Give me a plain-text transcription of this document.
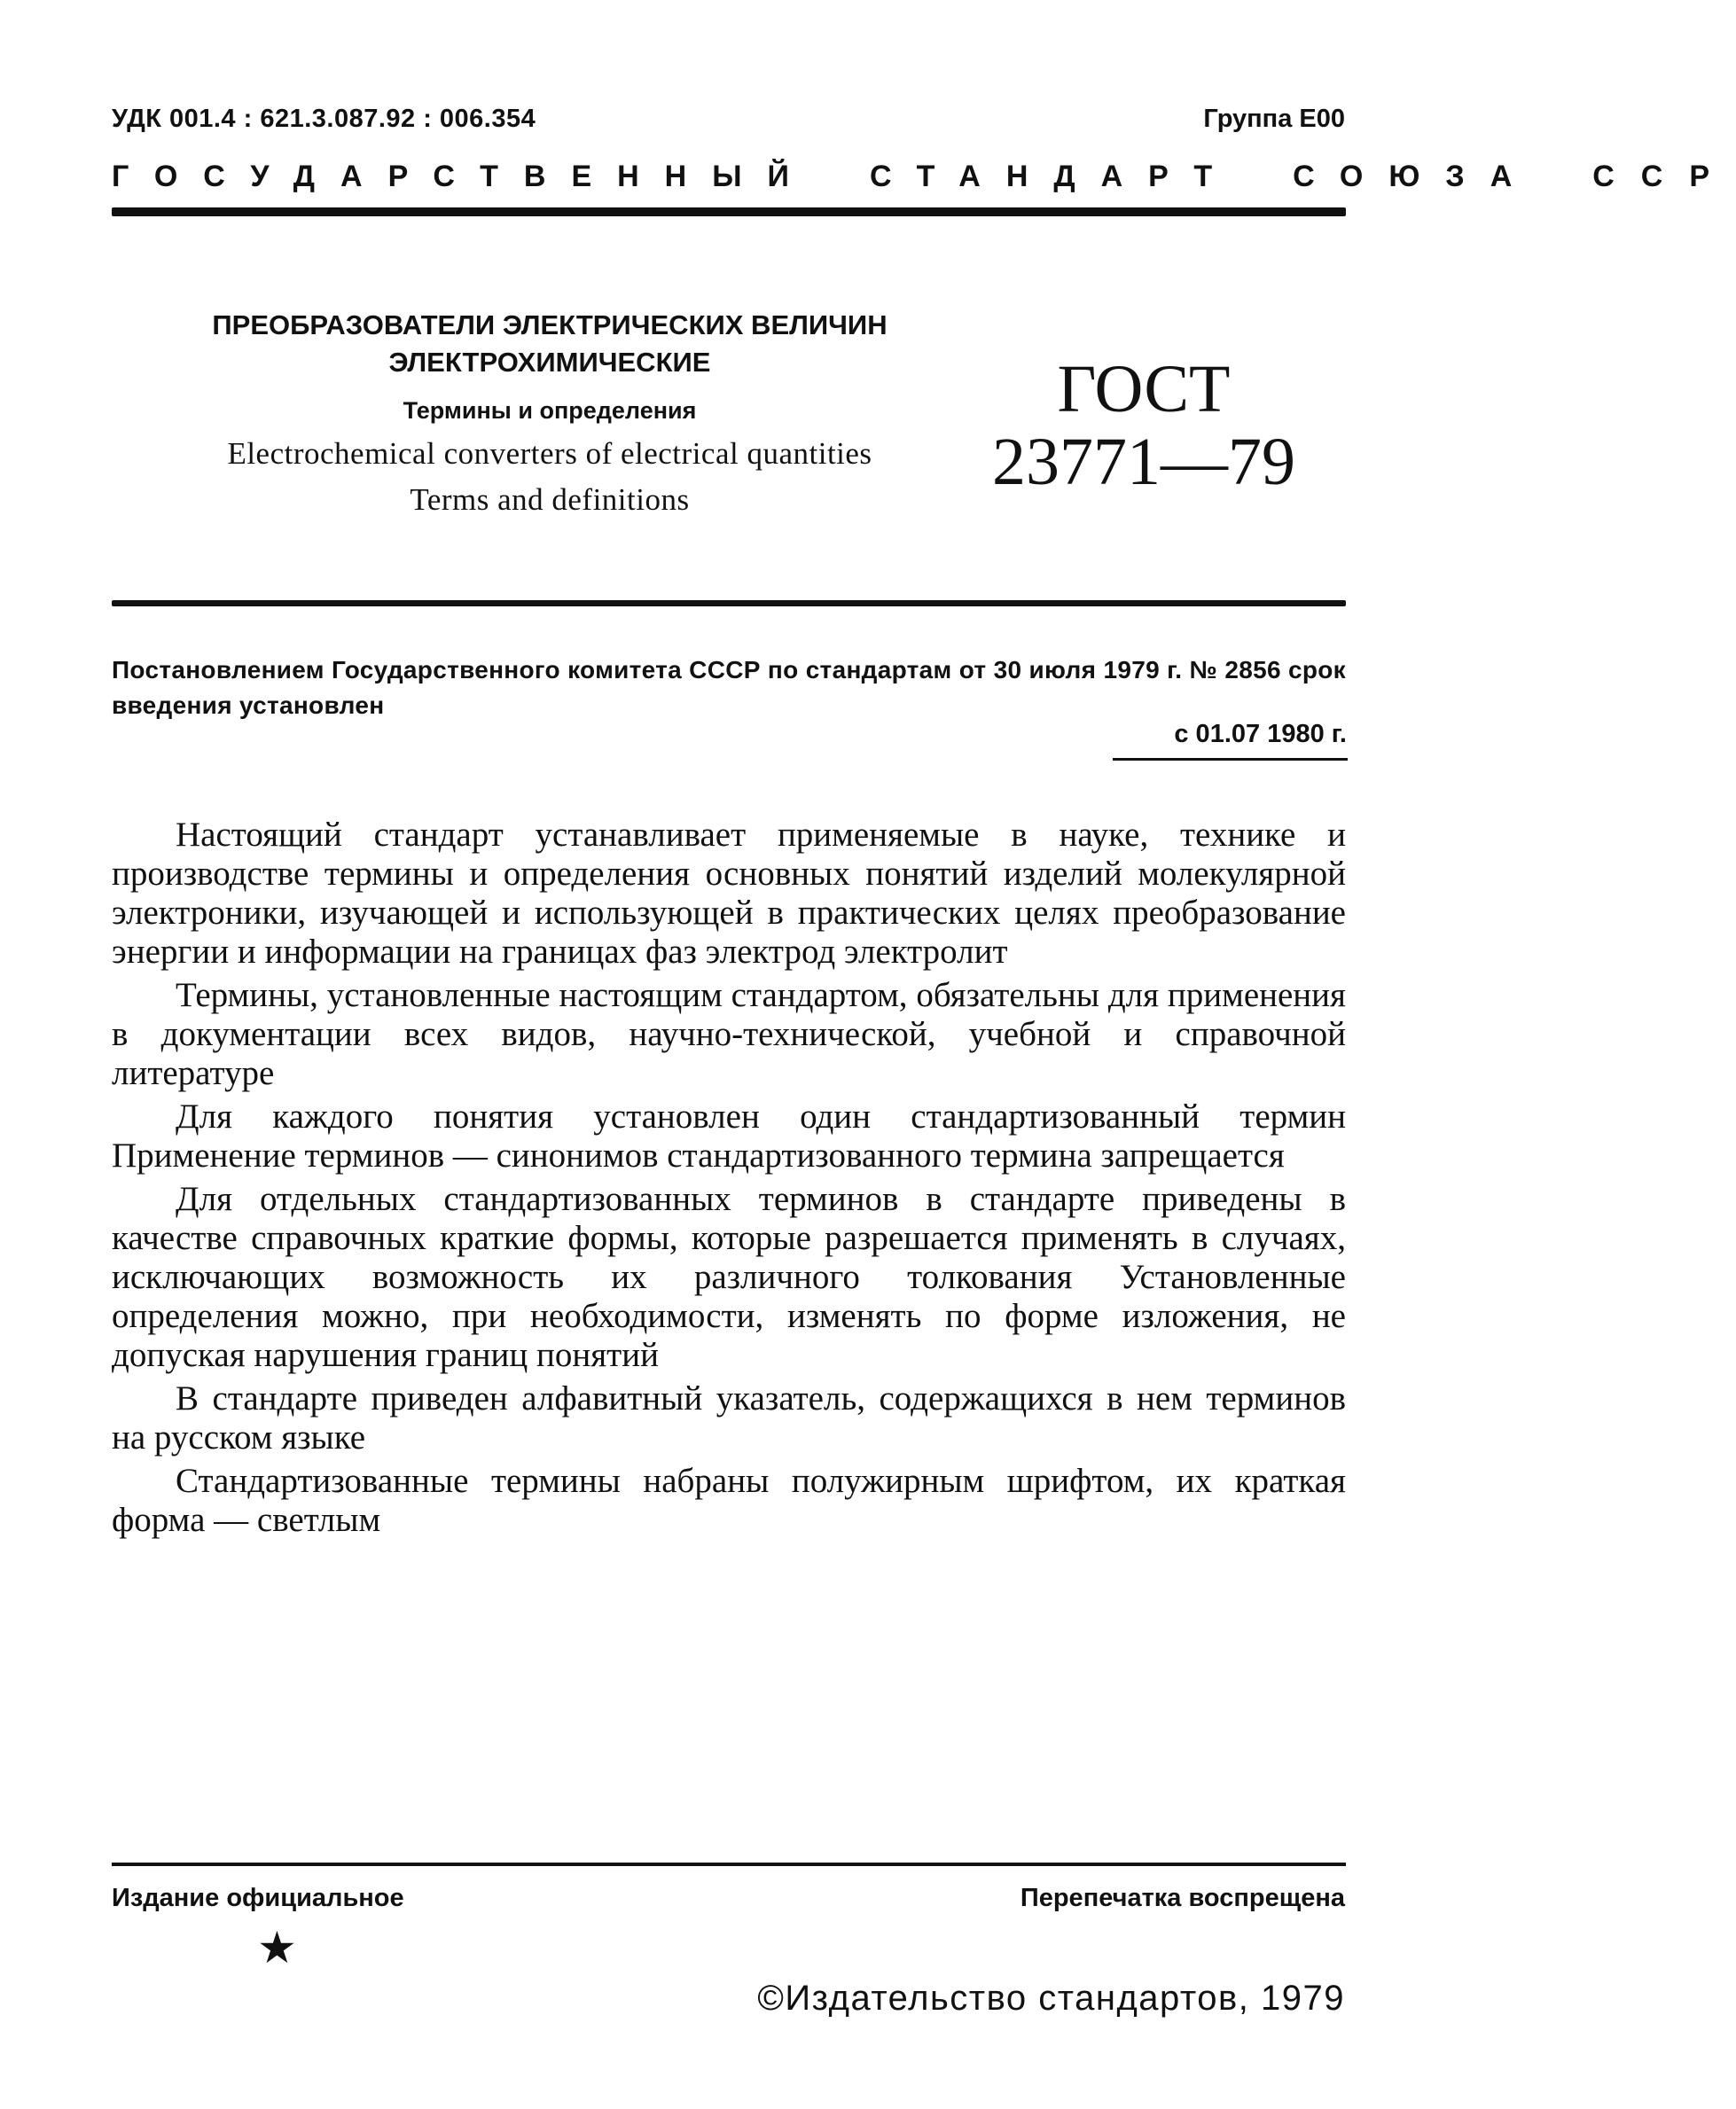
УДК 001.4 : 621.3.087.92 : 006.354	Группа Е00
ГОСУДАРСТВЕННЫЙ СТАНДАРТ СОЮЗА ССР
ПРЕОБРАЗОВАТЕЛИ ЭЛЕКТРИЧЕСКИХ ВЕЛИЧИН
ЭЛЕКТРОХИМИЧЕСКИЕ
Термины и определения
Electrochemical converters of electrical quantities
Terms and definitions
ГОСТ
23771—79
Постановлением Государственного комитета СССР по стандартам от 30 июля 1979 г. № 2856 срок введения установлен
с 01.07 1980 г.

Настоящий стандарт устанавливает применяемые в науке, технике и производстве термины и определения основных понятий изделий молекулярной электроники, изучающей и использующей в практических целях преобразование энергии и информации на границах фаз электрод электролит

Термины, установленные настоящим стандартом, обязательны для применения в документации всех видов, научно-технической, учебной и справочной литературе

Для каждого понятия установлен один стандартизованный термин Применение терминов — синонимов стандартизованного термина запрещается

Для отдельных стандартизованных терминов в стандарте приведены в качестве справочных краткие формы, которые разрешается применять в случаях, исключающих возможность их различного толкования Установленные определения можно, при необходимости, изменять по форме изложения, не допуская нарушения границ понятий

В стандарте приведен алфавитный указатель, содержащихся в нем терминов на русском языке

Стандартизованные термины набраны полужирным шрифтом, их краткая форма — светлым

Издание официальное	Перепечатка воспрещена
★
©Издательство стандартов, 1979
